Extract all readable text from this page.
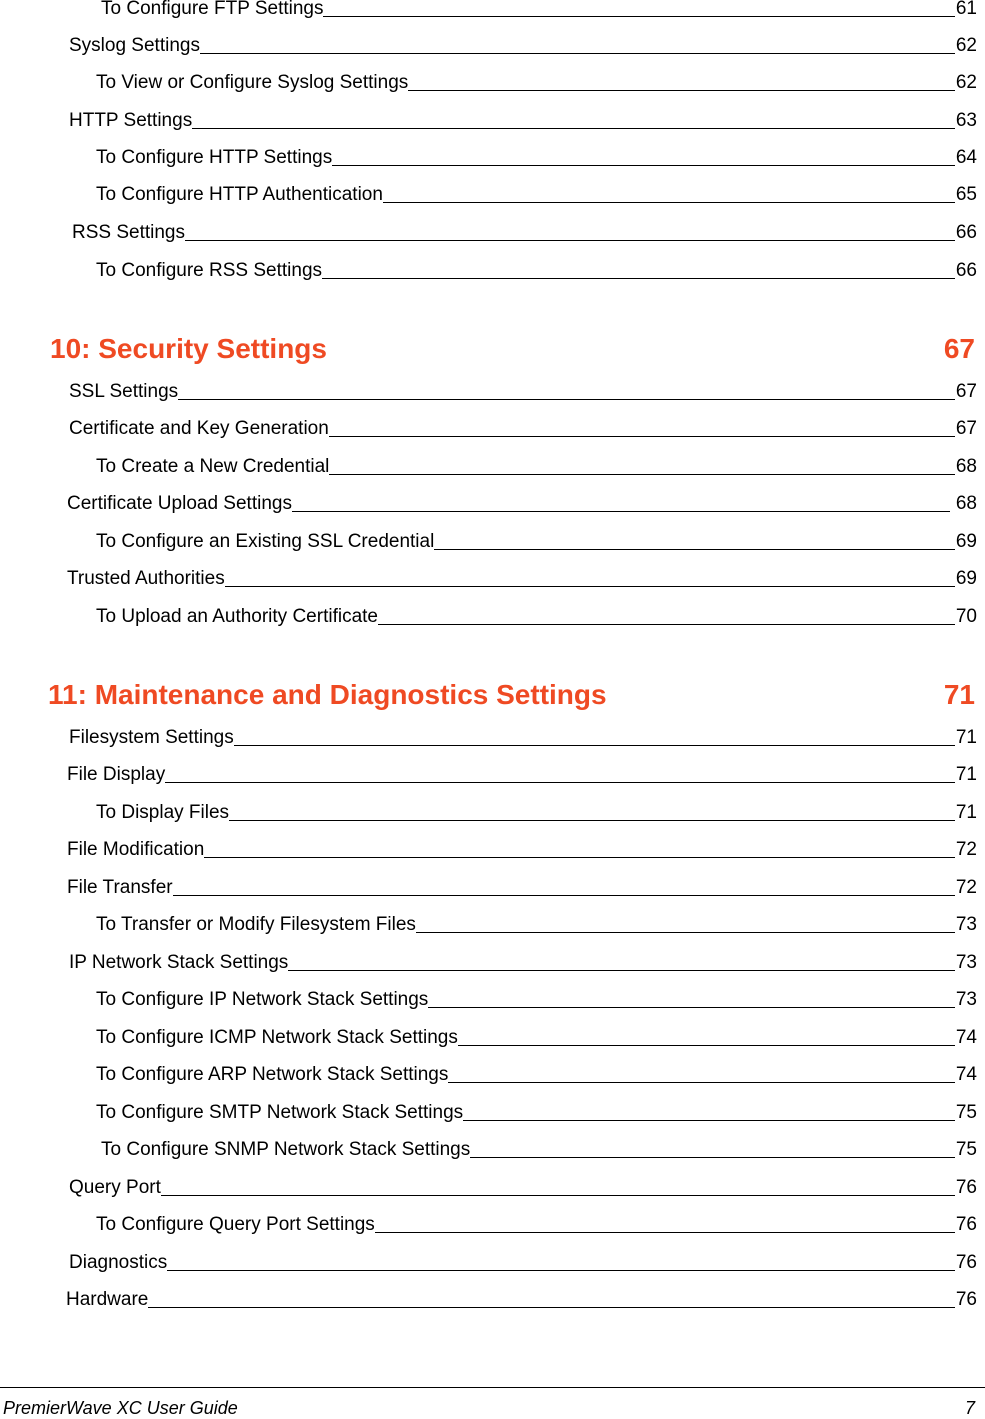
To Configure FTP Settings	61
Syslog Settings	62
To View or Configure Syslog Settings	62
HTTP Settings	63
To Configure HTTP Settings	64
To Configure HTTP Authentication	65
RSS Settings	66
To Configure RSS Settings	66
10: Security Settings	67
SSL Settings	67
Certificate and Key Generation	67
To Create a New Credential	68
Certificate Upload Settings	68
To Configure an Existing SSL Credential	69
Trusted Authorities	69
To Upload an Authority Certificate	70
11: Maintenance and Diagnostics Settings	71
Filesystem Settings	71
File Display	71
To Display Files	71
File Modification	72
File Transfer	72
To Transfer or Modify Filesystem Files	73
IP Network Stack Settings	73
To Configure IP Network Stack Settings	73
To Configure ICMP Network Stack Settings	74
To Configure ARP Network Stack Settings	74
To Configure SMTP Network Stack Settings	75
To Configure SNMP Network Stack Settings	75
Query Port	76
To Configure Query Port Settings	76
Diagnostics	76
Hardware	76
PremierWave XC User Guide	7
